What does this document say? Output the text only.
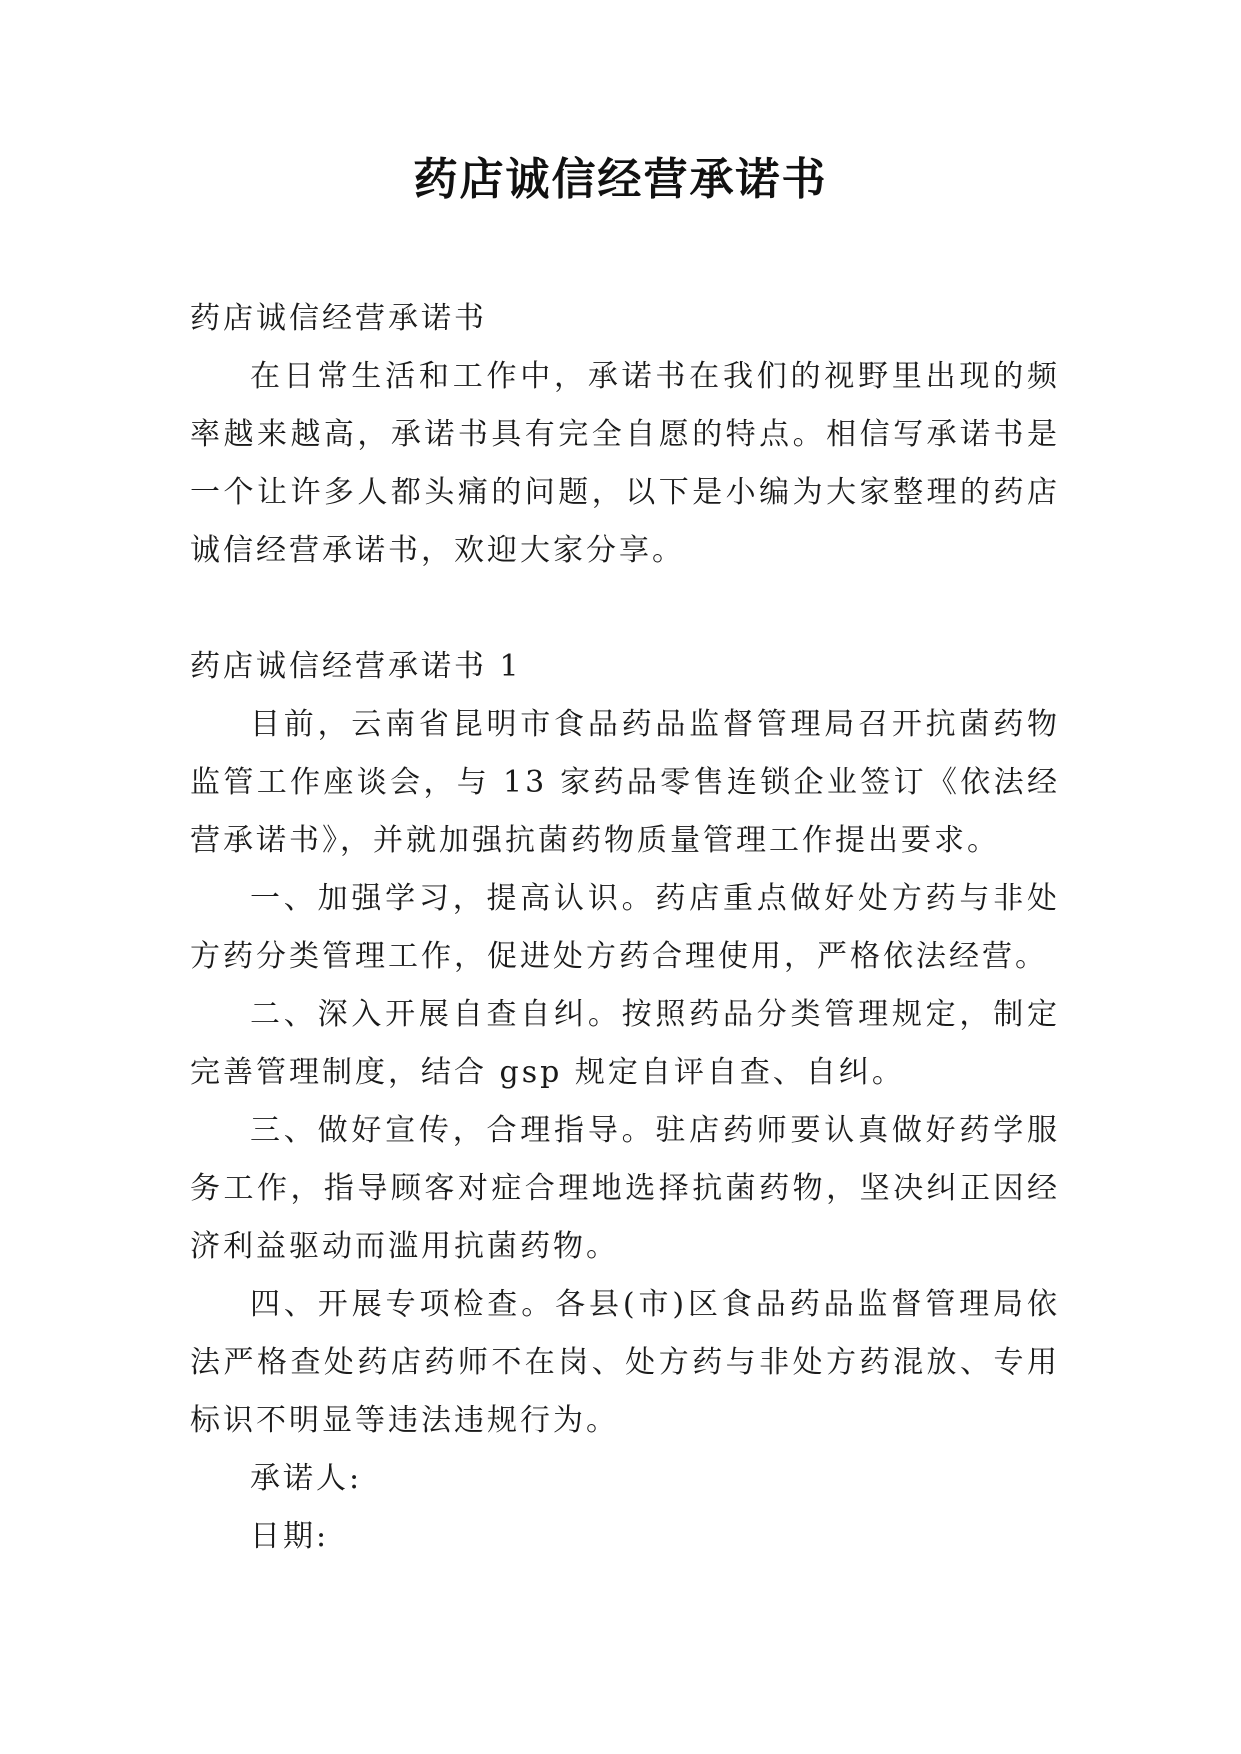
药店诚信经营承诺书

药店诚信经营承诺书

在日常生活和工作中，承诺书在我们的视野里出现的频率越来越高，承诺书具有完全自愿的特点。相信写承诺书是一个让许多人都头痛的问题，以下是小编为大家整理的药店诚信经营承诺书，欢迎大家分享。

药店诚信经营承诺书 1

目前，云南省昆明市食品药品监督管理局召开抗菌药物监管工作座谈会，与 13 家药品零售连锁企业签订《依法经营承诺书》，并就加强抗菌药物质量管理工作提出要求。

一、加强学习，提高认识。药店重点做好处方药与非处方药分类管理工作，促进处方药合理使用，严格依法经营。

二、深入开展自查自纠。按照药品分类管理规定，制定完善管理制度，结合 gsp 规定自评自查、自纠。

三、做好宣传，合理指导。驻店药师要认真做好药学服务工作，指导顾客对症合理地选择抗菌药物，坚决纠正因经济利益驱动而滥用抗菌药物。

四、开展专项检查。各县(市)区食品药品监督管理局依法严格查处药店药师不在岗、处方药与非处方药混放、专用标识不明显等违法违规行为。

承诺人:

日期:
